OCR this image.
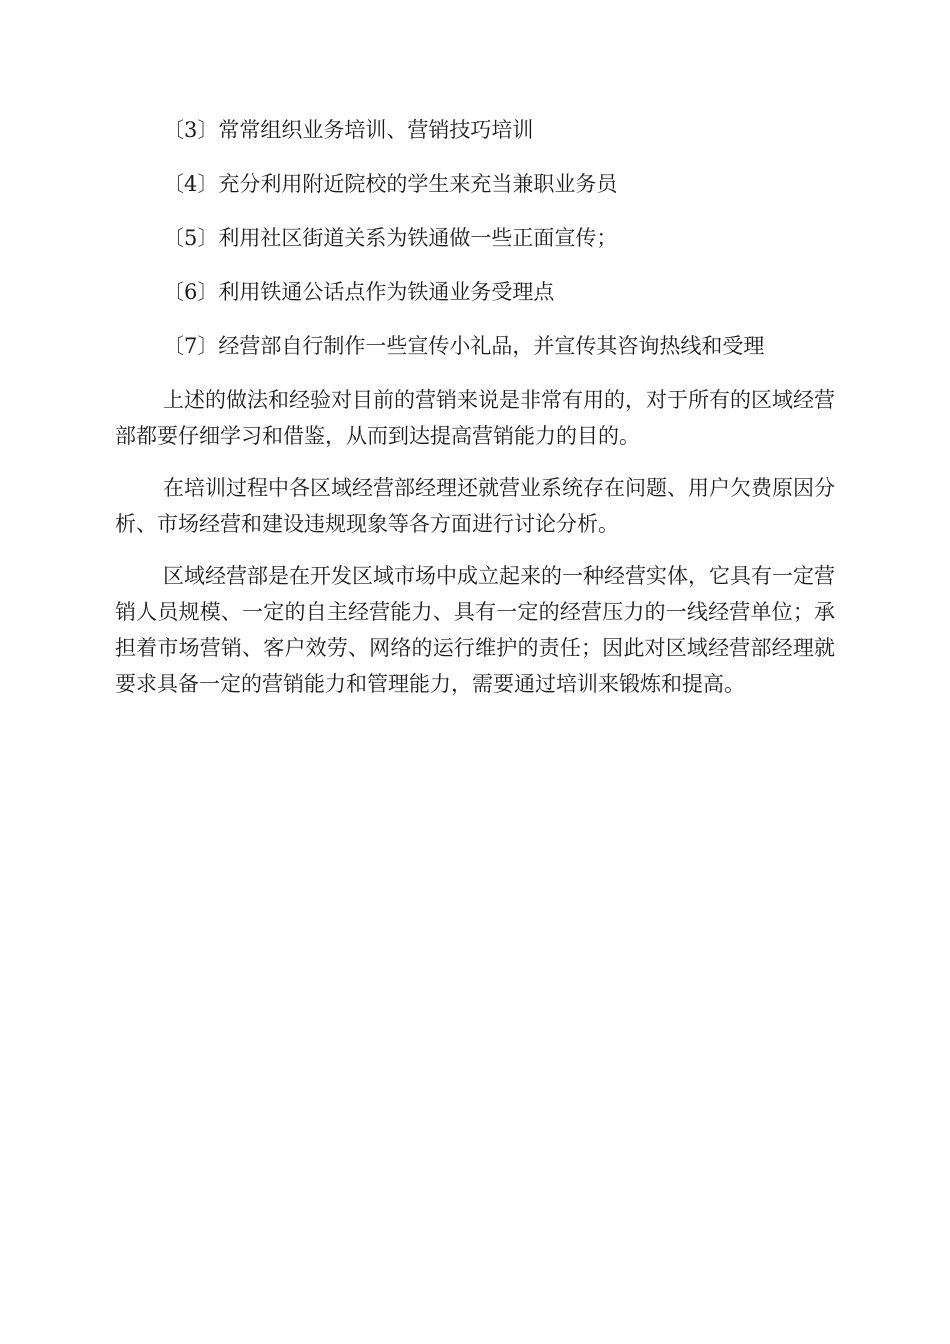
〔3〕常常组织业务培训、营销技巧培训
〔4〕充分利用附近院校的学生来充当兼职业务员
〔5〕利用社区街道关系为铁通做一些正面宣传；
〔6〕利用铁通公话点作为铁通业务受理点
〔7〕经营部自行制作一些宣传小礼品，并宣传其咨询热线和受理

上述的做法和经验对目前的营销来说是非常有用的，对于所有的区域经营部都要仔细学习和借鉴，从而到达提高营销能力的目的。

在培训过程中各区域经营部经理还就营业系统存在问题、用户欠费原因分析、市场经营和建设违规现象等各方面进行讨论分析。

区域经营部是在开发区域市场中成立起来的一种经营实体，它具有一定营销人员规模、一定的自主经营能力、具有一定的经营压力的一线经营单位；承担着市场营销、客户效劳、网络的运行维护的责任；因此对区域经营部经理就要求具备一定的营销能力和管理能力，需要通过培训来锻炼和提高。
